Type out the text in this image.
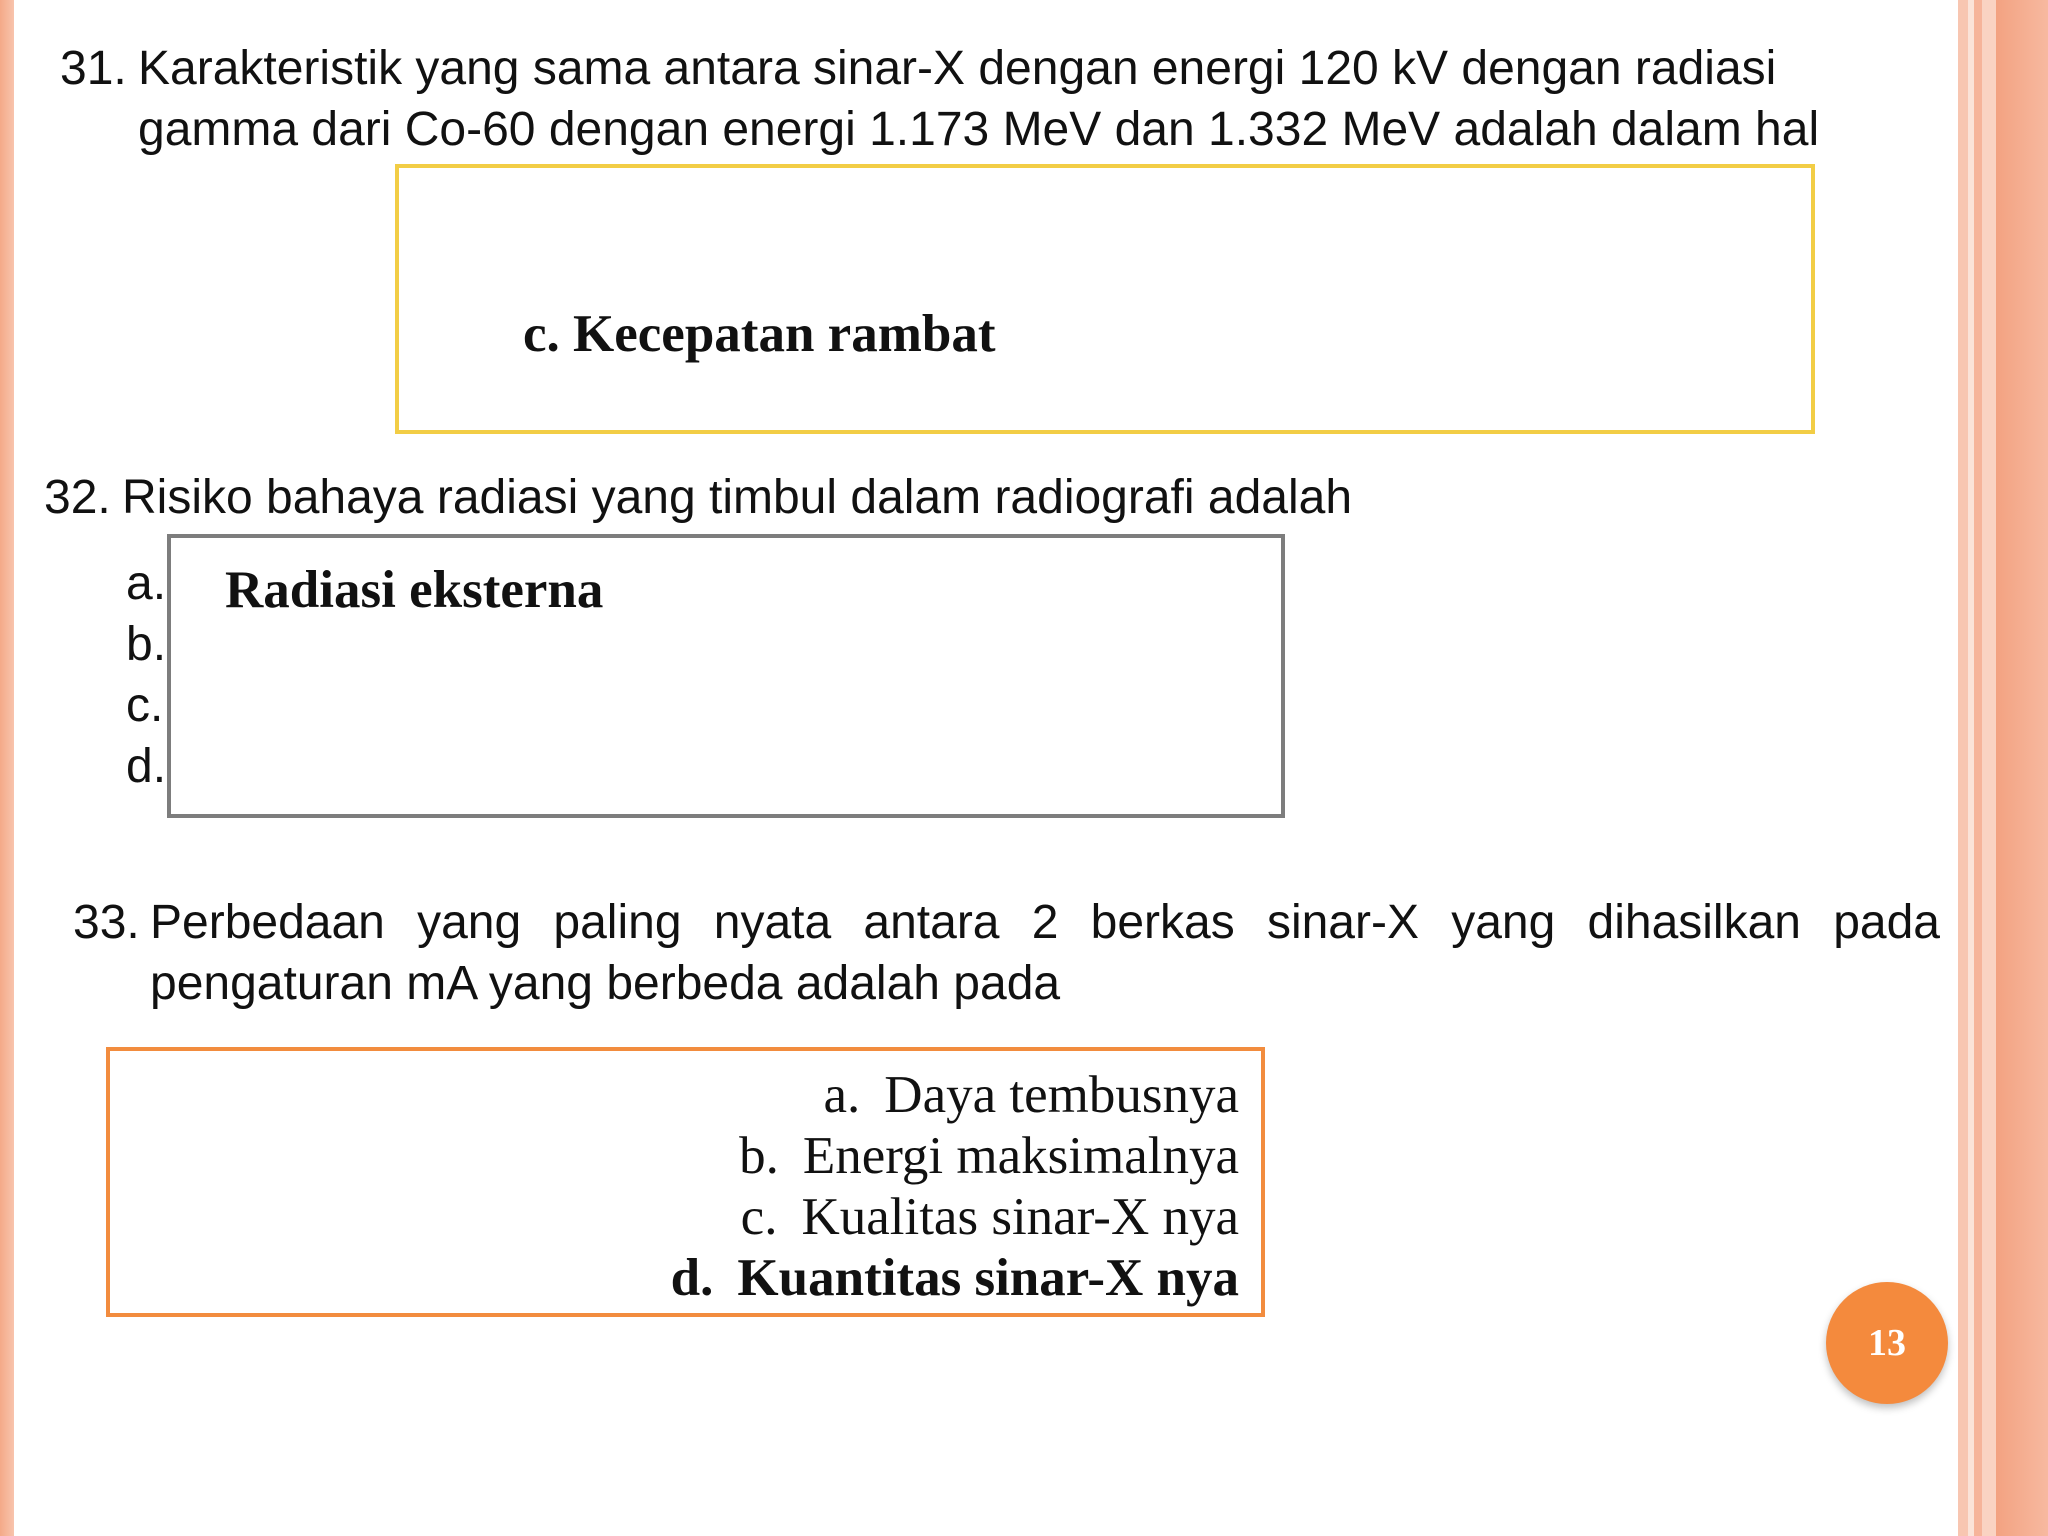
31. Karakteristik yang sama antara sinar-X dengan energi 120 kV dengan radiasi gamma dari Co-60 dengan energi 1.173 MeV dan 1.332 MeV adalah dalam hal
c. Kecepatan rambat
32. Risiko bahaya radiasi yang timbul dalam radiografi adalah
a.
b.
c.
d.
Radiasi eksterna
33. Perbedaan yang paling nyata antara 2 berkas sinar-X yang dihasilkan pada pengaturan mA yang berbeda adalah pada
a. Daya tembusnya
b. Energi maksimalnya
c. Kualitas sinar-X nya
d. Kuantitas sinar-X nya
13
